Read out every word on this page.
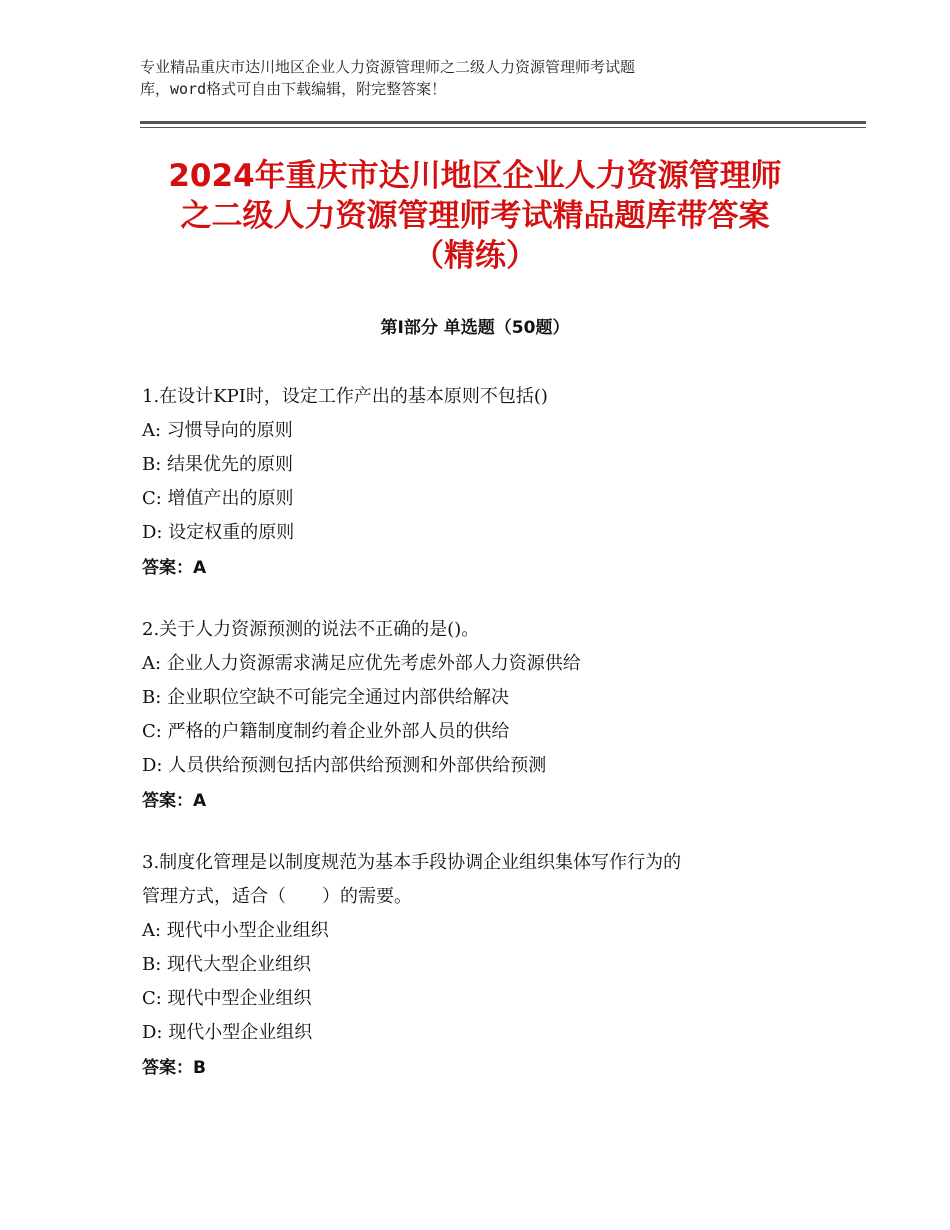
专业精品重庆市达川地区企业人力资源管理师之二级人力资源管理师考试题
库，word格式可自由下载编辑，附完整答案！
2024年重庆市达川地区企业人力资源管理师
之二级人力资源管理师考试精品题库带答案
（精练）
第Ⅰ部分 单选题（50题）
1.在设计KPI时，设定工作产出的基本原则不包括()
A: 习惯导向的原则
B: 结果优先的原则
C: 增值产出的原则
D: 设定权重的原则
答案：A
2.关于人力资源预测的说法不正确的是()。
A: 企业人力资源需求满足应优先考虑外部人力资源供给
B: 企业职位空缺不可能完全通过内部供给解决
C: 严格的户籍制度制约着企业外部人员的供给
D: 人员供给预测包括内部供给预测和外部供给预测
答案：A
3.制度化管理是以制度规范为基本手段协调企业组织集体写作行为的
管理方式，适合（　　）的需要。
A: 现代中小型企业组织
B: 现代大型企业组织
C: 现代中型企业组织
D: 现代小型企业组织
答案：B
